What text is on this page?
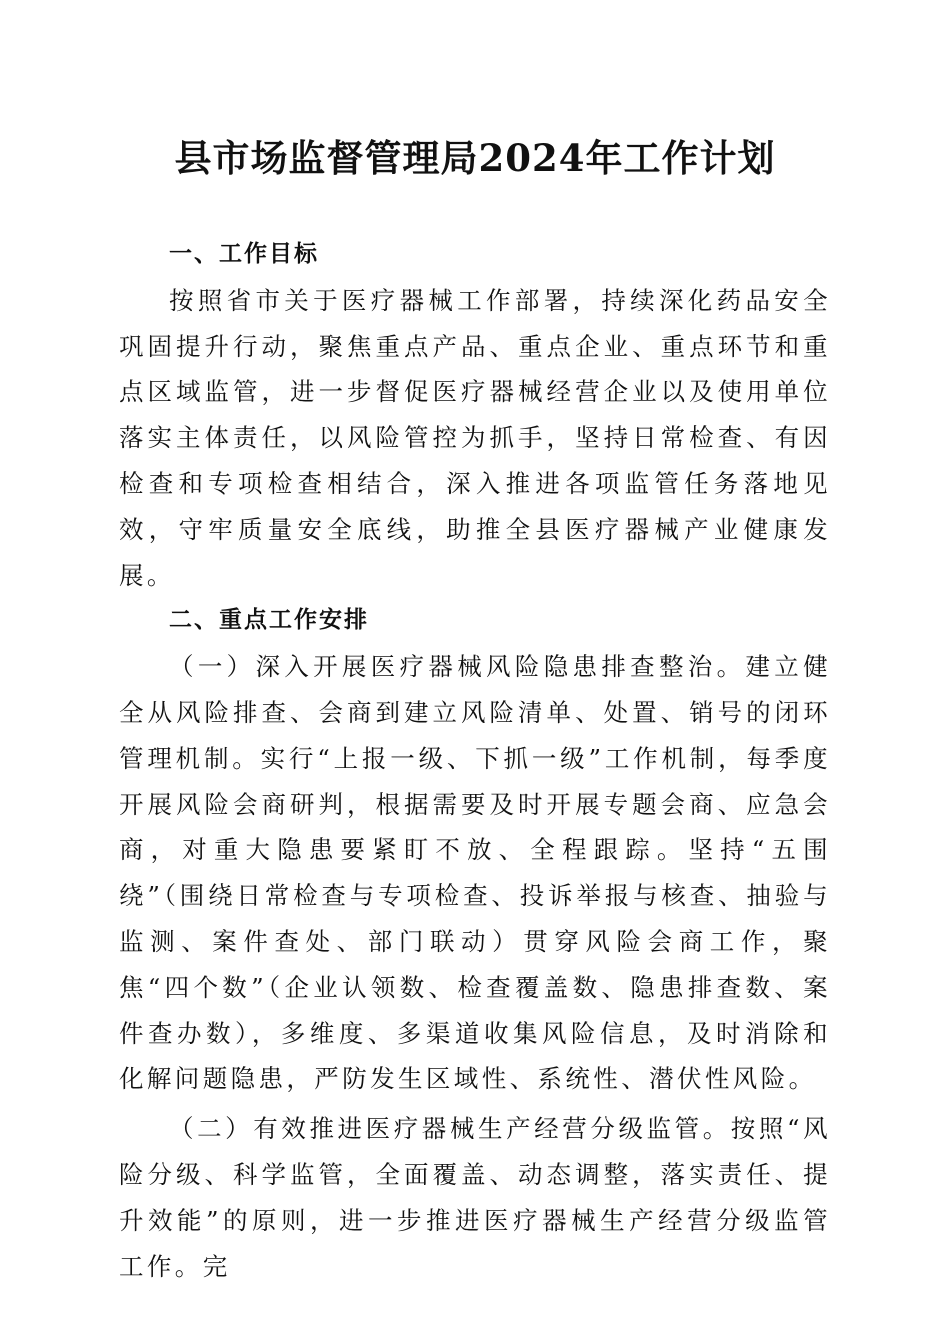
县市场监督管理局2024年工作计划

一、工作目标

按照省市关于医疗器械工作部署，持续深化药品安全巩固提升行动，聚焦重点产品、重点企业、重点环节和重点区域监管，进一步督促医疗器械经营企业以及使用单位落实主体责任，以风险管控为抓手，坚持日常检查、有因检查和专项检查相结合，深入推进各项监管任务落地见效，守牢质量安全底线，助推全县医疗器械产业健康发展。

二、重点工作安排

（一）深入开展医疗器械风险隐患排查整治。建立健全从风险排查、会商到建立风险清单、处置、销号的闭环管理机制。实行“上报一级、下抓一级”工作机制，每季度开展风险会商研判，根据需要及时开展专题会商、应急会商，对重大隐患要紧盯不放、全程跟踪。坚持“五围绕”（围绕日常检查与专项检查、投诉举报与核查、抽验与监测、案件查处、部门联动）贯穿风险会商工作，聚焦“四个数”（企业认领数、检查覆盖数、隐患排查数、案件查办数），多维度、多渠道收集风险信息，及时消除和化解问题隐患，严防发生区域性、系统性、潜伏性风险。

（二）有效推进医疗器械生产经营分级监管。按照“风险分级、科学监管，全面覆盖、动态调整，落实责任、提升效能”的原则，进一步推进医疗器械生产经营分级监管工作。完
